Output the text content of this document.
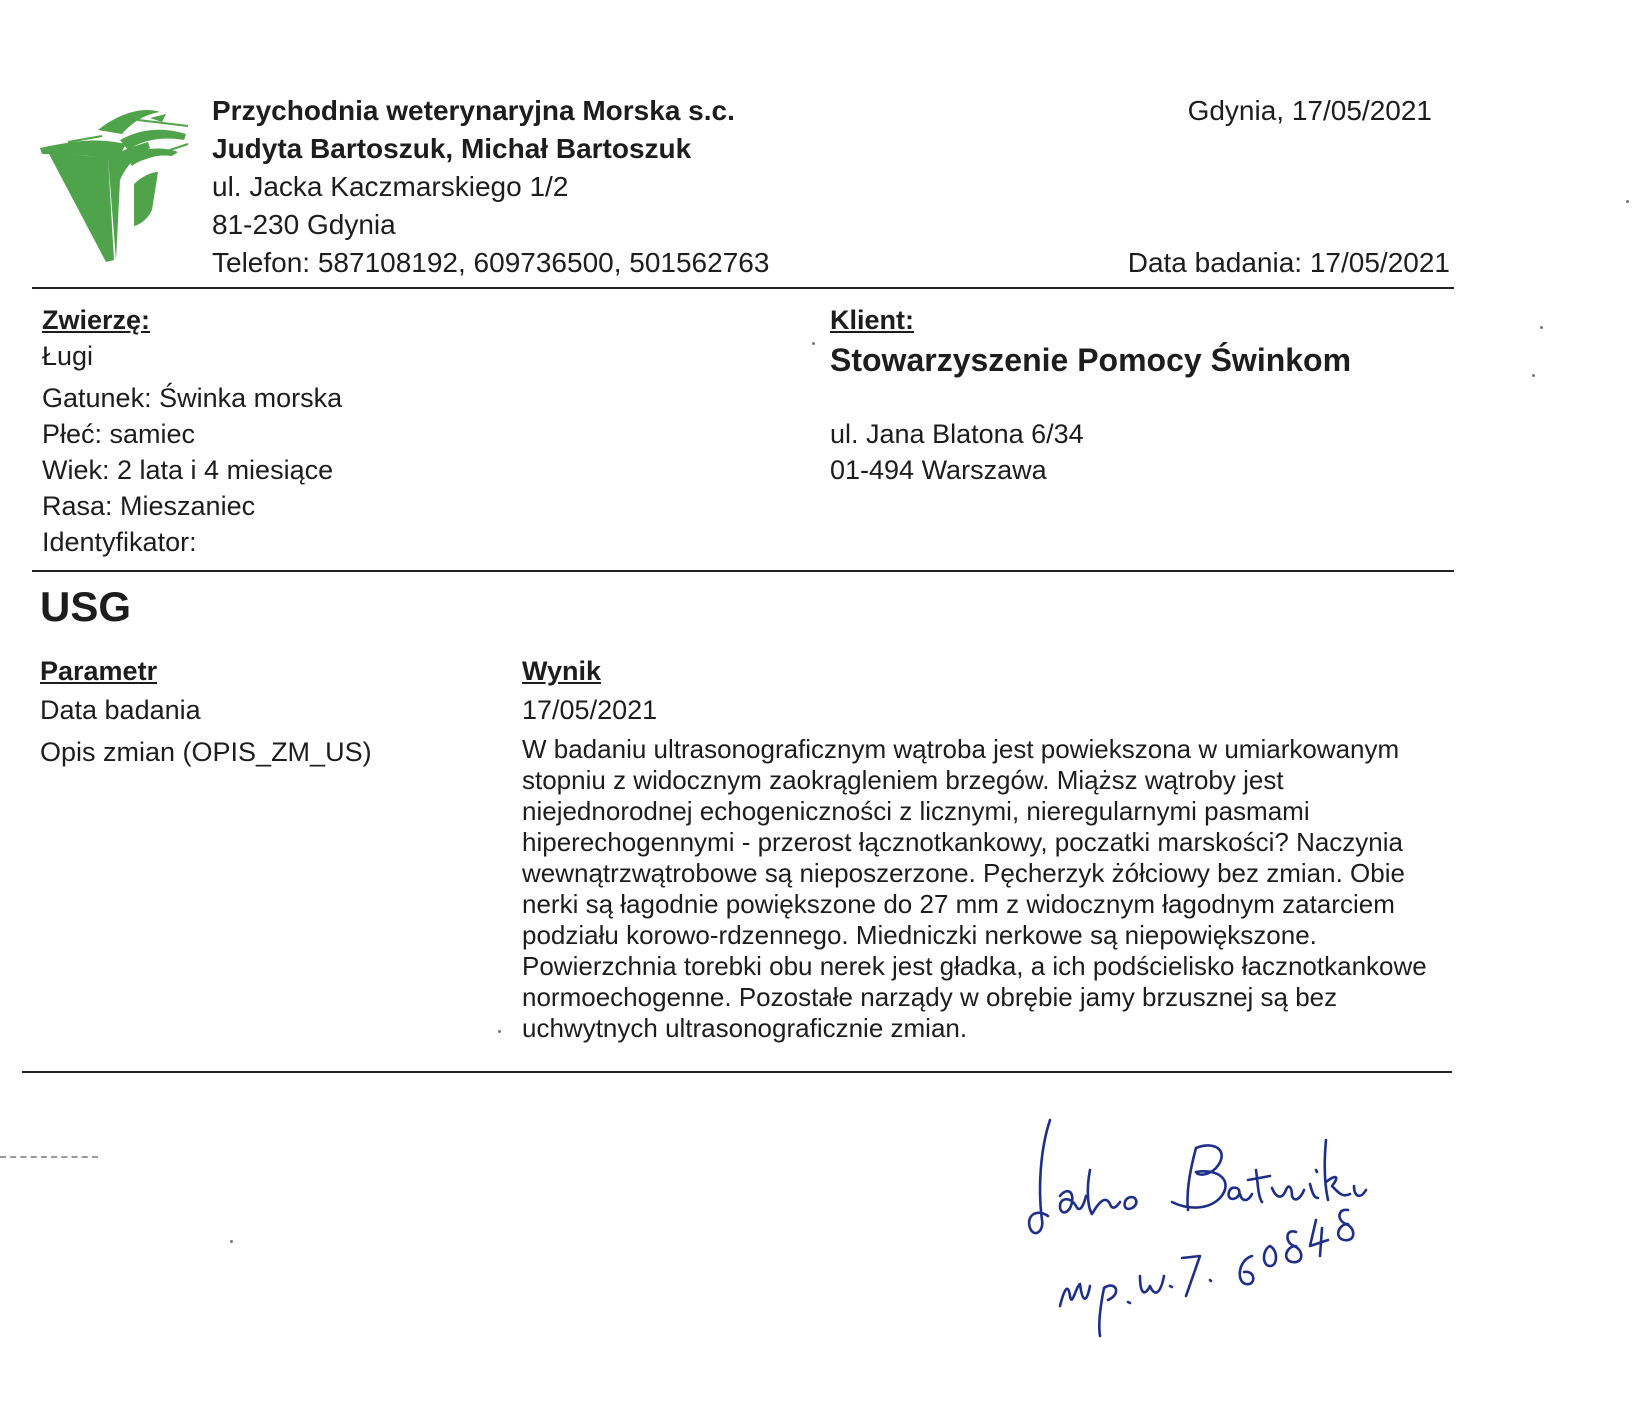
Przychodnia weterynaryjna Morska s.c.
Judyta Bartoszuk, Michał Bartoszuk
ul. Jacka Kaczmarskiego 1/2
81-230 Gdynia
Telefon: 587108192, 609736500, 501562763
Gdynia, 17/05/2021
Data badania: 17/05/2021
Zwierzę:
Ługi
Gatunek: Świnka morska
Płeć: samiec
Wiek: 2 lata i 4 miesiące
Rasa: Mieszaniec
Identyfikator:
Klient:
Stowarzyszenie Pomocy Świnkom
ul. Jana Blatona 6/34
01-494 Warszawa
USG
Parametr	Wynik
Data badania	17/05/2021
Opis zmian (OPIS_ZM_US)	W badaniu ultrasonograficznym wątroba jest powiekszona w umiarkowanym
stopniu z widocznym zaokrągleniem brzegów. Miąższ wątroby jest
niejednorodnej echogeniczności z licznymi, nieregularnymi pasmami
hiperechogennymi - przerost łącznotkankowy, poczatki marskości? Naczynia
wewnątrzwątrobowe są nieposzerzone. Pęcherzyk żółciowy bez zmian. Obie
nerki są łagodnie powiększone do 27 mm z widocznym łagodnym zatarciem
podziału korowo-rdzennego. Miedniczki nerkowe są niepowiększone.
Powierzchnia torebki obu nerek jest gładka, a ich podścielisko łacznotkankowe
normoechogenne. Pozostałe narządy w obrębie jamy brzusznej są bez
uchwytnych ultrasonograficznie zmian.
